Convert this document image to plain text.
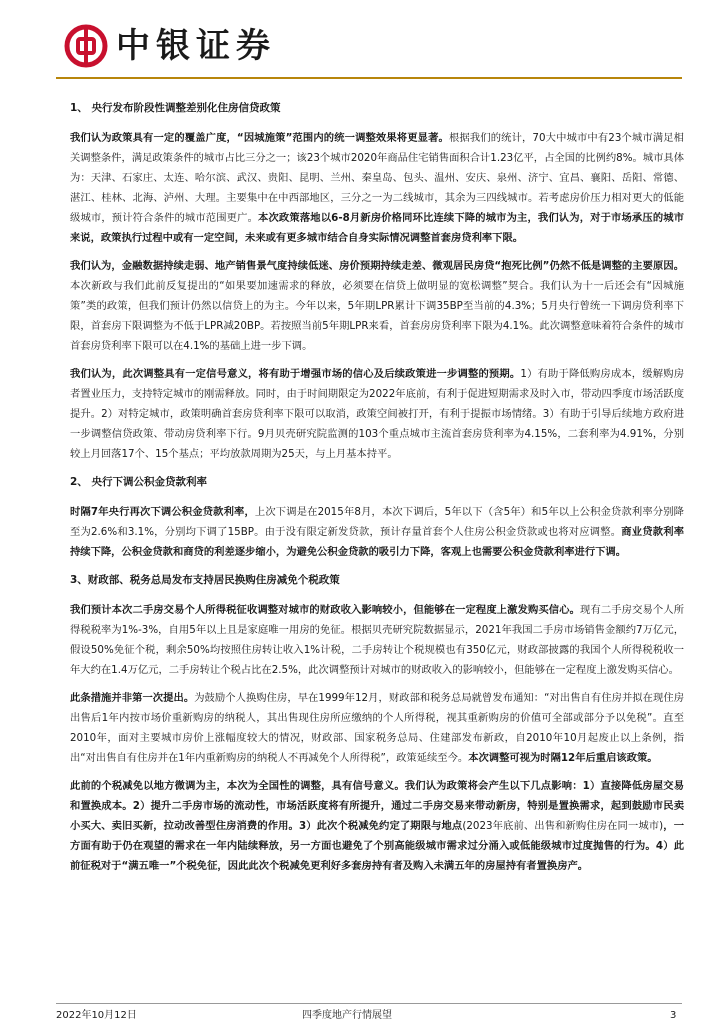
中银证券
1、 央行发布阶段性调整差别化住房信贷政策

我们认为政策具有一定的覆盖广度，“因城施策”范围内的统一调整效果将更显著。根据我们的统计，70大中城市中有23个城市满足相关调整条件，满足政策条件的城市占比三分之一；该23个城市2020年商品住宅销售面积合计1.23亿平，占全国的比例约8%。城市具体为：天津、石家庄、太连、哈尔滨、武汉、贵阳、昆明、兰州、秦皇岛、包头、温州、安庆、泉州、济宁、宜昌、襄阳、岳阳、常德、湛江、桂林、北海、泸州、大理。主要集中在中西部地区，三分之一为二线城市，其余为三四线城市。若考虑房价压力相对更大的低能级城市，预计符合条件的城市范围更广。本次政策落地以6-8月新房价格同环比连续下降的城市为主，我们认为，对于市场承压的城市来说，政策执行过程中或有一定空间，未来或有更多城市结合自身实际情况调整首套房贷利率下限。

我们认为，金融数据持续走弱、地产销售景气度持续低迷、房价预期持续走差、微观居民房贷“抱死比例”仍然不低是调整的主要原因。本次新政与我们此前反复提出的“如果要加速需求的释放，必须要在信贷上做明显的宽松调整”契合。我们认为十一后还会有“因城施策”类的政策，但我们预计仍然以信贷上的为主。今年以来，5年期LPR累计下调35BP至当前的4.3%；5月央行曾统一下调房贷利率下限，首套房下限调整为不低于LPR减20BP。若按照当前5年期LPR来看，首套房房贷利率下限为4.1%。此次调整意味着符合条件的城市首套房贷利率下限可以在4.1%的基础上进一步下调。

我们认为，此次调整具有一定信号意义，将有助于增强市场的信心及后续政策进一步调整的预期。1）有助于降低购房成本，缓解购房者置业压力，支持特定城市的刚需释放。同时，由于时间期限定为2022年底前，有利于促进短期需求及时入市，带动四季度市场活跃度提升。2）对特定城市，政策明确首套房贷利率下限可以取消，政策空间被打开，有利于提振市场情绪。3）有助于引导后续地方政府进一步调整信贷政策、带动房贷利率下行。9月贝壳研究院监测的103个重点城市主流首套房贷利率为4.15%，二套利率为4.91%，分别较上月回落17个、15个基点；平均放款周期为25天，与上月基本持平。

2、 央行下调公积金贷款利率

时隔7年央行再次下调公积金贷款利率，上次下调是在2015年8月，本次下调后，5年以下（含5年）和5年以上公积金贷款利率分别降至为2.6%和3.1%，分别均下调了15BP。由于没有限定新发贷款，预计存量首套个人住房公积金贷款或也将对应调整。商业贷款利率持续下降，公积金贷款和商贷的利差逐步缩小，为避免公积金贷款的吸引力下降，客观上也需要公积金贷款利率进行下调。

3、财政部、税务总局发布支持居民换购住房减免个税政策

我们预计本次二手房交易个人所得税征收调整对城市的财政收入影响较小，但能够在一定程度上激发购买信心。现有二手房交易个人所得税税率为1%-3%，自用5年以上且是家庭唯一用房的免征。根据贝壳研究院数据显示，2021年我国二手房市场销售金额约7万亿元，假设50%免征个税，剩余50%均按照住房转让收入1%计税，二手房转让个税规模也有350亿元，财政部披露的我国个人所得税税收一年大约在1.4万亿元，二手房转让个税占比在2.5%，此次调整预计对城市的财政收入的影响较小，但能够在一定程度上激发购买信心。

此条措施并非第一次提出。为鼓励个人换购住房，早在1999年12月，财政部和税务总局就曾发布通知：“对出售自有住房并拟在现住房出售后1年内按市场价重新购房的纳税人，其出售现住房所应缴纳的个人所得税，视其重新购房的价值可全部或部分予以免税”。直至2010年，面对主要城市房价上涨幅度较大的情况，财政部、国家税务总局、住建部发布新政，自2010年10月起废止以上条例，指出“对出售自有住房并在1年内重新购房的纳税人不再减免个人所得税”，政策延续至今。本次调整可视为时隔12年后重启该政策。

此前的个税减免以地方微调为主，本次为全国性的调整，具有信号意义。我们认为政策将会产生以下几点影响：1）直接降低房屋交易和置换成本。2）提升二手房市场的流动性，市场活跃度将有所提升，通过二手房交易来带动新房，特别是置换需求，起到鼓励市民卖小买大、卖旧买新，拉动改善型住房消费的作用。3）此次个税减免约定了期限与地点(2023年底前、出售和新购住房在同一城市)，一方面有助于仍在观望的需求在一年内陆续释放，另一方面也避免了个别高能级城市需求过分涌入或低能级城市过度抛售的行为。4）此前征税对于“满五唯一”个税免征，因此此次个税减免更利好多套房持有者及购入未满五年的房屋持有者置换房产。

2022年10月12日	四季度地产行情展望	3
